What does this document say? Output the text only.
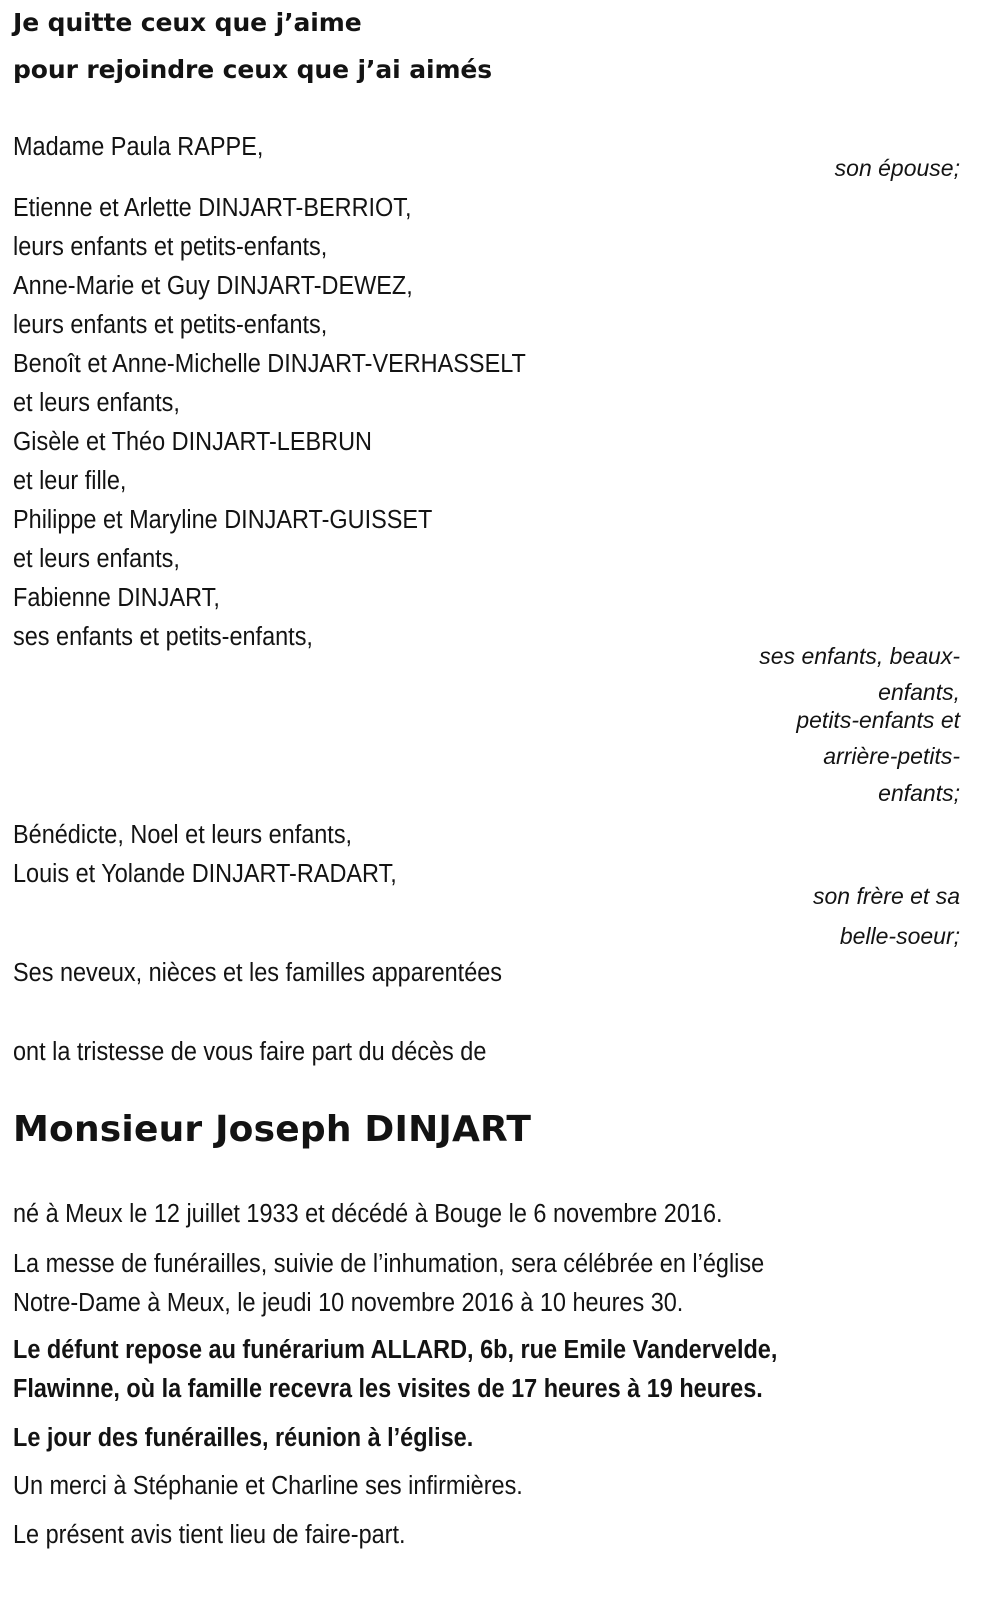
Je quitte ceux que j’aime
pour rejoindre ceux que j’ai aimés
Madame Paula RAPPE,
Etienne et Arlette DINJART-BERRIOT,
leurs enfants et petits-enfants,
Anne-Marie et Guy DINJART-DEWEZ,
leurs enfants et petits-enfants,
Benoît et Anne-Michelle DINJART-VERHASSELT
et leurs enfants,
Gisèle et Théo DINJART-LEBRUN
et leur fille,
Philippe et Maryline DINJART-GUISSET
et leurs enfants,
Fabienne DINJART,
ses enfants et petits-enfants,
Bénédicte, Noel et leurs enfants,
Louis et Yolande DINJART-RADART,
Ses neveux, nièces et les familles apparentées
son épouse;
ses enfants, beaux-
enfants,
petits-enfants et
arrière-petits-
enfants;
son frère et sa
belle-soeur;
ont la tristesse de vous faire part du décès de
Monsieur Joseph DINJART
né à Meux le 12 juillet 1933 et décédé à Bouge le 6 novembre 2016.
La messe de funérailles, suivie de l’inhumation, sera célébrée en l’église
Notre-Dame à Meux, le jeudi 10 novembre 2016 à 10 heures 30.
Le défunt repose au funérarium ALLARD, 6b, rue Emile Vandervelde,
Flawinne, où la famille recevra les visites de 17 heures à 19 heures.
Le jour des funérailles, réunion à l’église.
Un merci à Stéphanie et Charline ses infirmières.
Le présent avis tient lieu de faire-part.
